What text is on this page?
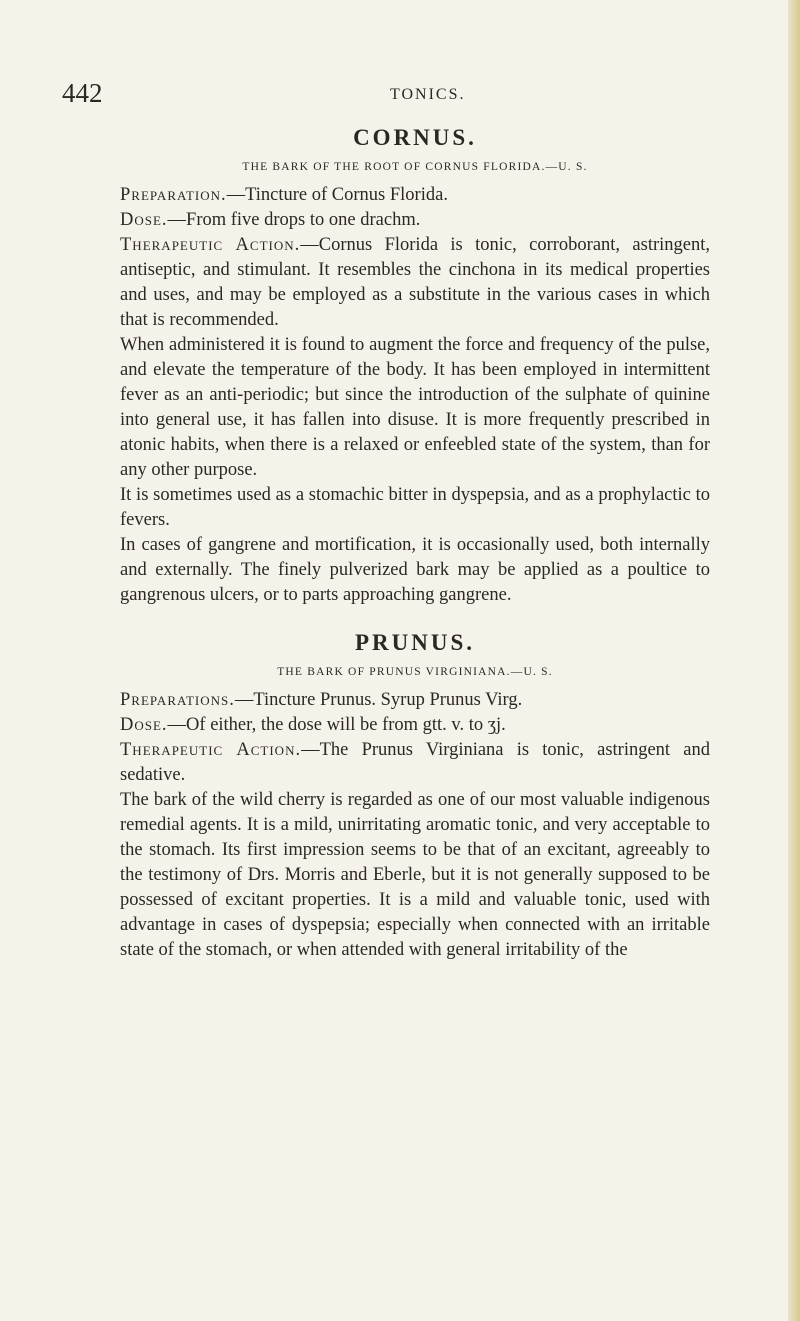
442	TONICS.
CORNUS.
THE BARK OF THE ROOT OF CORNUS FLORIDA.—U. S.

Preparation.—Tincture of Cornus Florida.

Dose.—From five drops to one drachm.

Therapeutic Action.—Cornus Florida is tonic, corroborant, astringent, antiseptic, and stimulant. It resembles the cinchona in its medical properties and uses, and may be employed as a substitute in the various cases in which that is recommended.

When administered it is found to augment the force and frequency of the pulse, and elevate the temperature of the body. It has been employed in intermittent fever as an anti-periodic; but since the introduction of the sulphate of quinine into general use, it has fallen into disuse. It is more frequently prescribed in atonic habits, when there is a relaxed or enfeebled state of the system, than for any other purpose.

It is sometimes used as a stomachic bitter in dyspepsia, and as a prophylactic to fevers.

In cases of gangrene and mortification, it is occasionally used, both internally and externally. The finely pulverized bark may be applied as a poultice to gangrenous ulcers, or to parts approaching gangrene.

PRUNUS.
THE BARK OF PRUNUS VIRGINIANA.—U. S.

Preparations.—Tincture Prunus. Syrup Prunus Virg.

Dose.—Of either, the dose will be from gtt. v. to ʒj.

Therapeutic Action.—The Prunus Virginiana is tonic, astringent and sedative.

The bark of the wild cherry is regarded as one of our most valuable indigenous remedial agents. It is a mild, unirritating aromatic tonic, and very acceptable to the stomach. Its first impression seems to be that of an excitant, agreeably to the testimony of Drs. Morris and Eberle, but it is not generally supposed to be possessed of excitant properties. It is a mild and valuable tonic, used with advantage in cases of dyspepsia; especially when connected with an irritable state of the stomach, or when attended with general irritability of the
